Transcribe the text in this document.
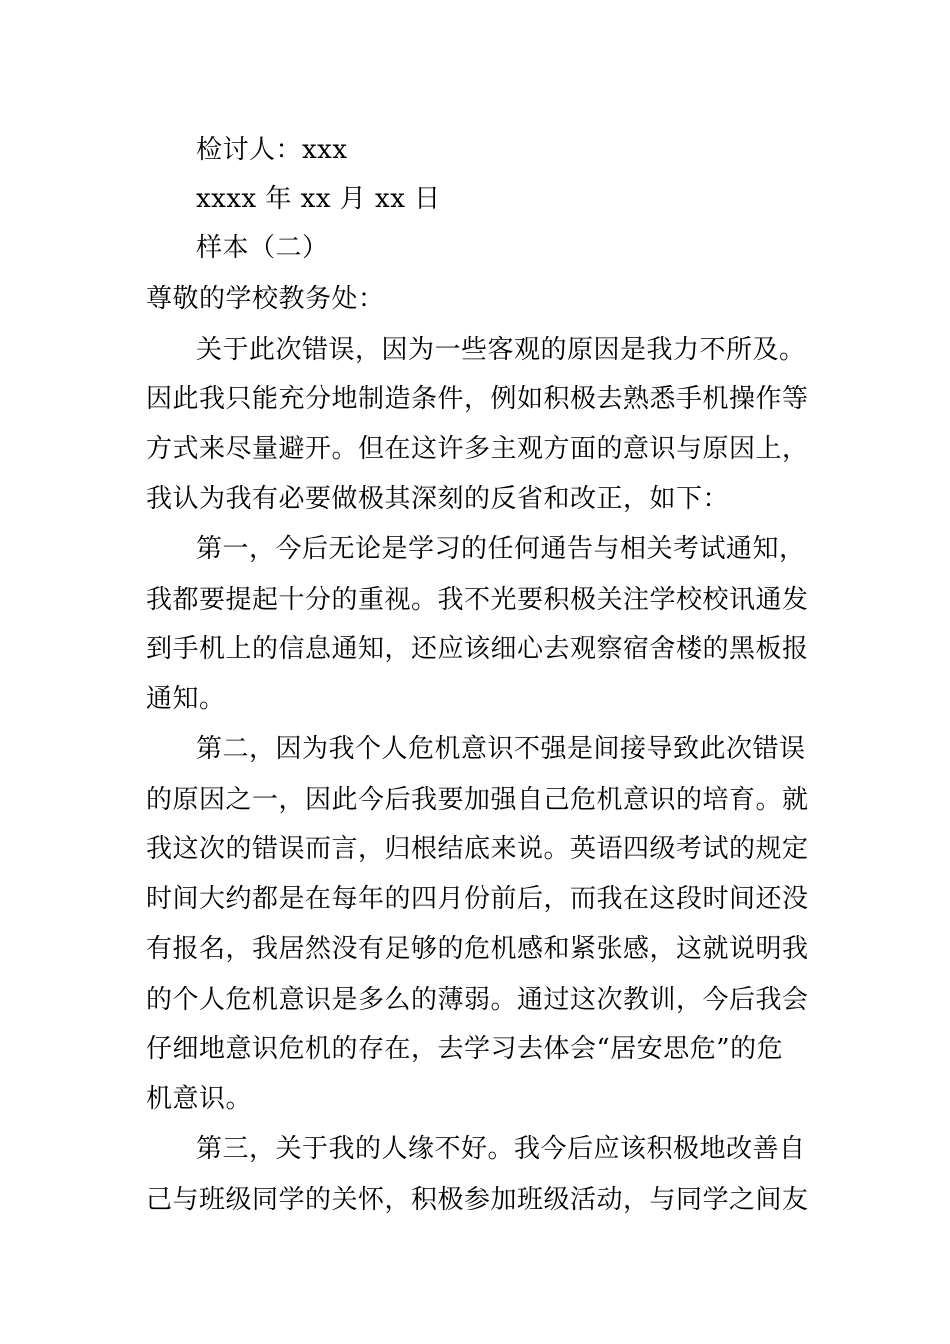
检讨人：xxx
xxxx 年 xx 月 xx 日
样本（二）
尊敬的学校教务处：
关于此次错误，因为一些客观的原因是我力不所及。
因此我只能充分地制造条件，例如积极去熟悉手机操作等
方式来尽量避开。但在这许多主观方面的意识与原因上，
我认为我有必要做极其深刻的反省和改正，如下：
第一，今后无论是学习的任何通告与相关考试通知，
我都要提起十分的重视。我不光要积极关注学校校讯通发
到手机上的信息通知，还应该细心去观察宿舍楼的黑板报
通知。
第二，因为我个人危机意识不强是间接导致此次错误
的原因之一，因此今后我要加强自己危机意识的培育。就
我这次的错误而言，归根结底来说。英语四级考试的规定
时间大约都是在每年的四月份前后，而我在这段时间还没
有报名，我居然没有足够的危机感和紧张感，这就说明我
的个人危机意识是多么的薄弱。通过这次教训，今后我会
仔细地意识危机的存在，去学习去体会“居安思危”的危
机意识。
第三，关于我的人缘不好。我今后应该积极地改善自
己与班级同学的关怀，积极参加班级活动，与同学之间友
